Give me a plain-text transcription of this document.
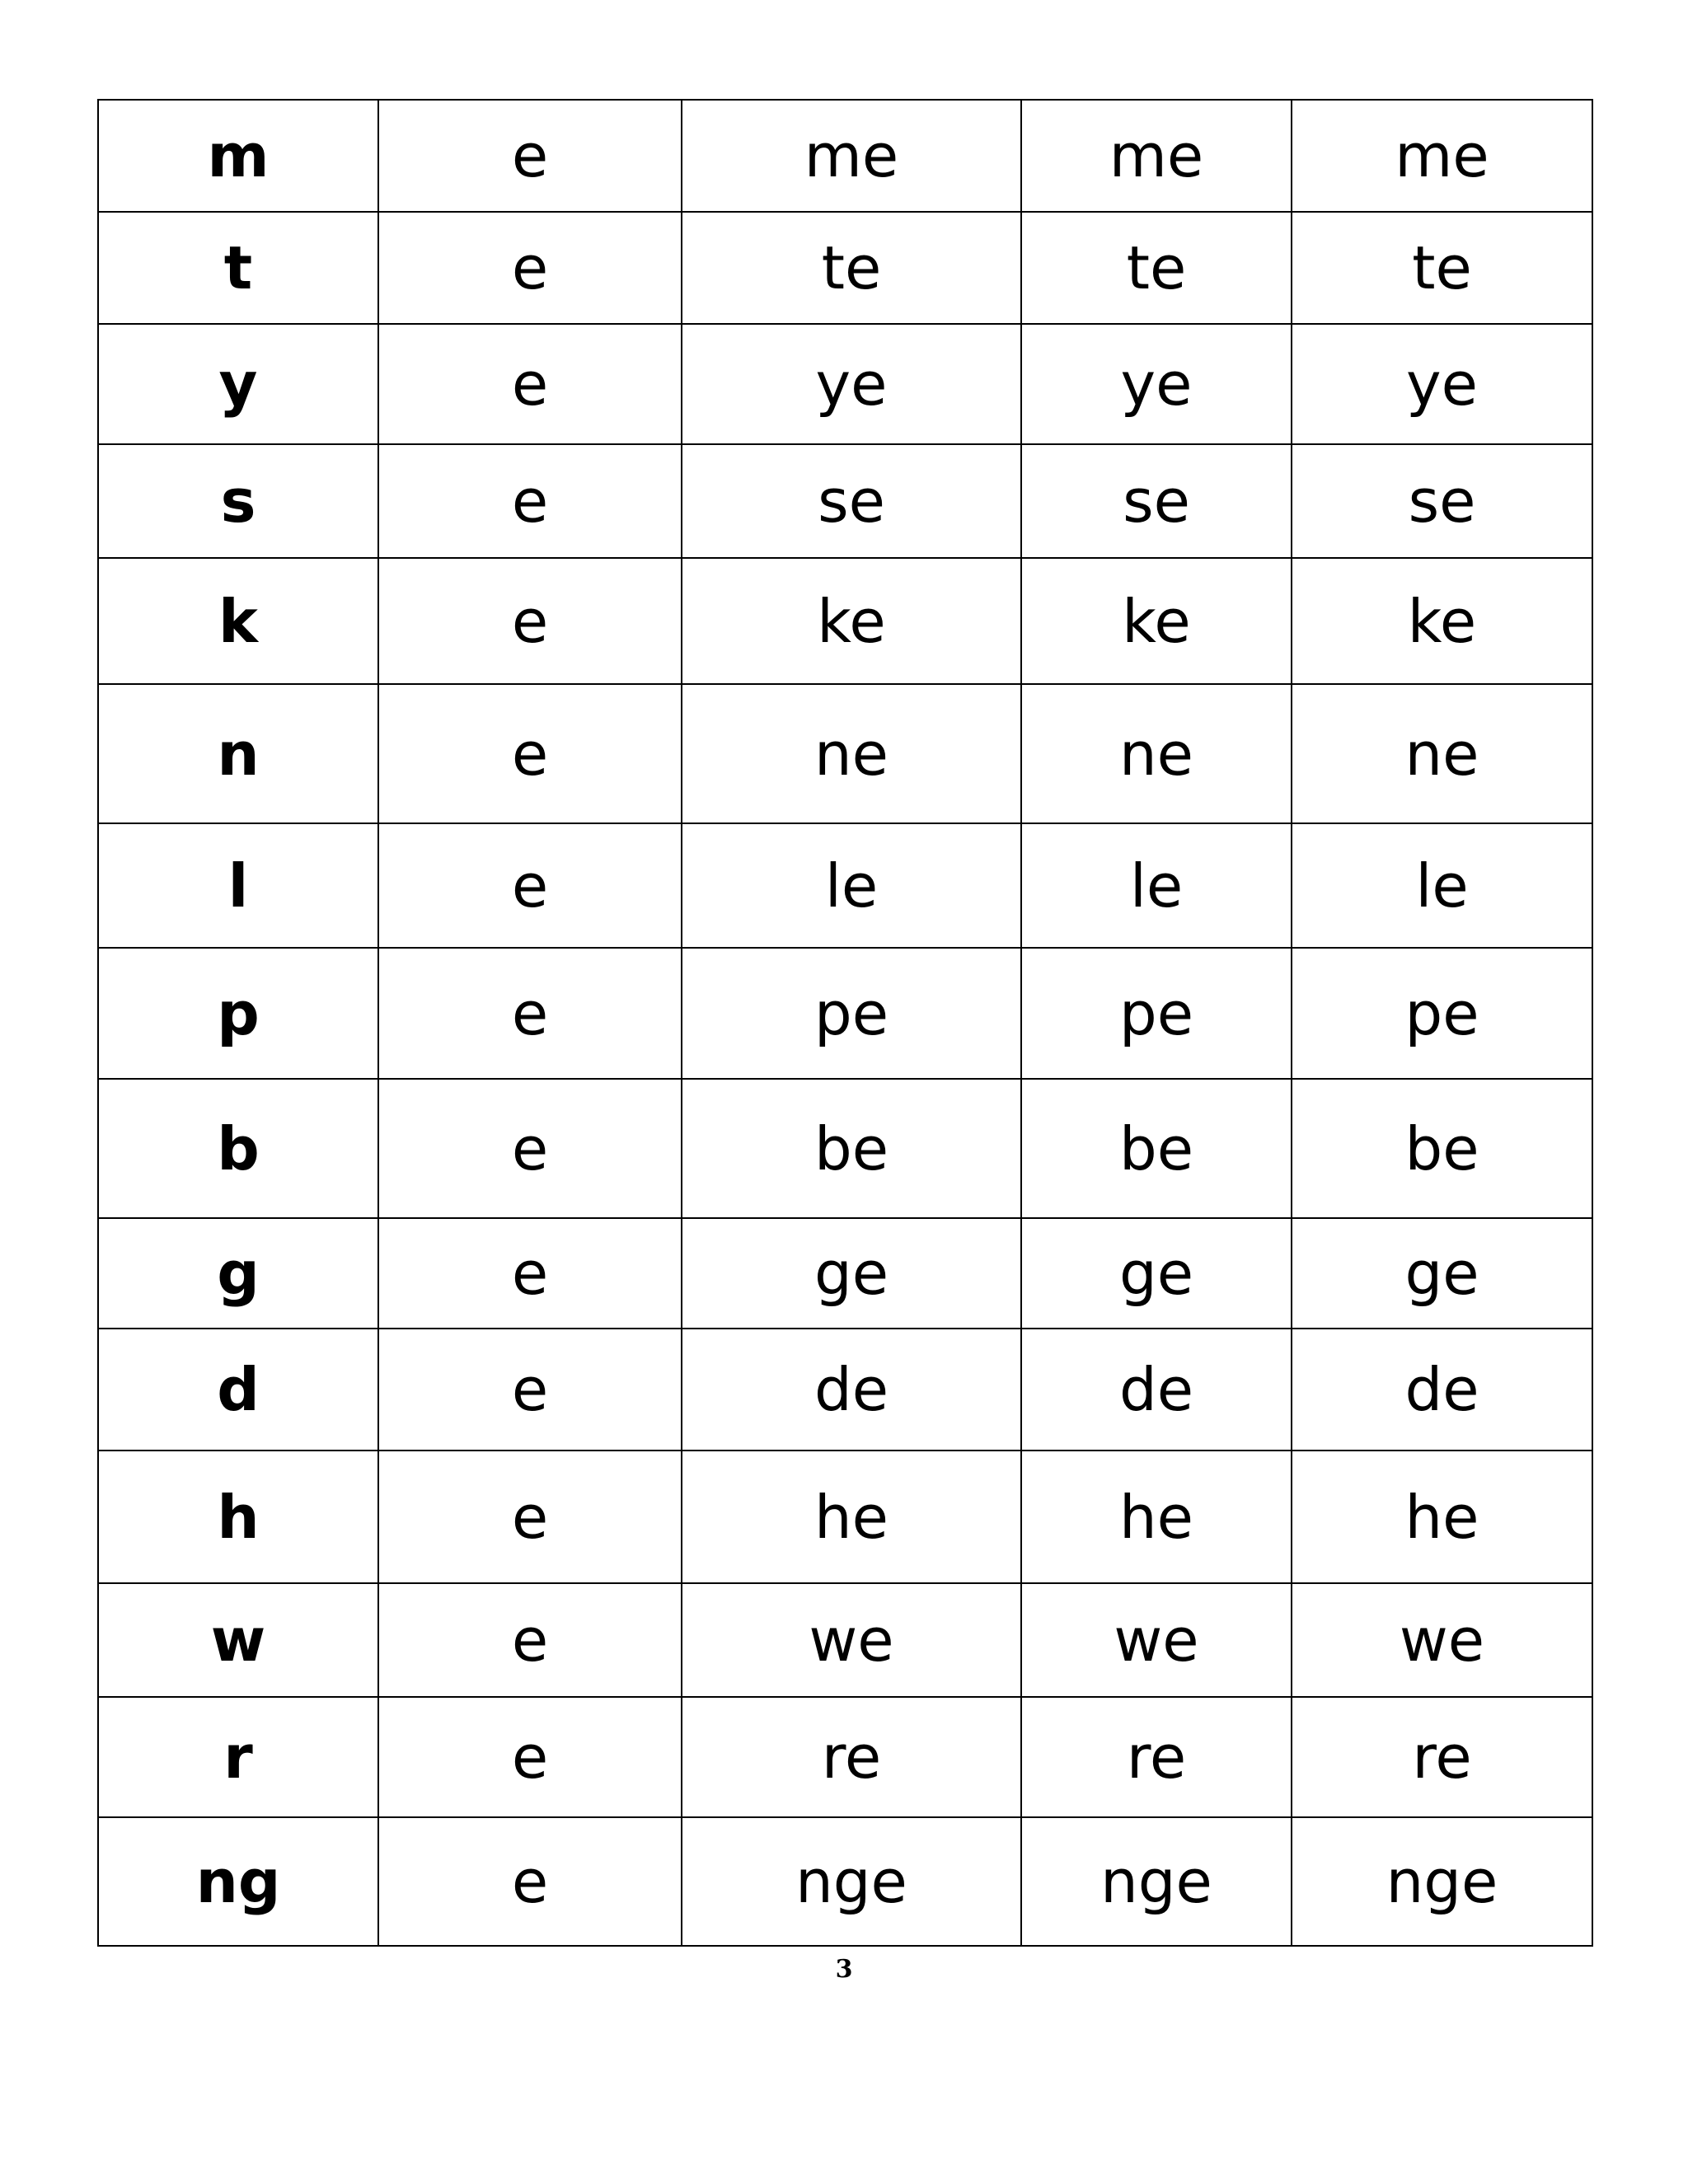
m	e	me	me	me
t	e	te	te	te
y	e	ye	ye	ye
s	e	se	se	se
k	e	ke	ke	ke
n	e	ne	ne	ne
l	e	le	le	le
p	e	pe	pe	pe
b	e	be	be	be
g	e	ge	ge	ge
d	e	de	de	de
h	e	he	he	he
w	e	we	we	we
r	e	re	re	re
ng	e	nge	nge	nge
3
